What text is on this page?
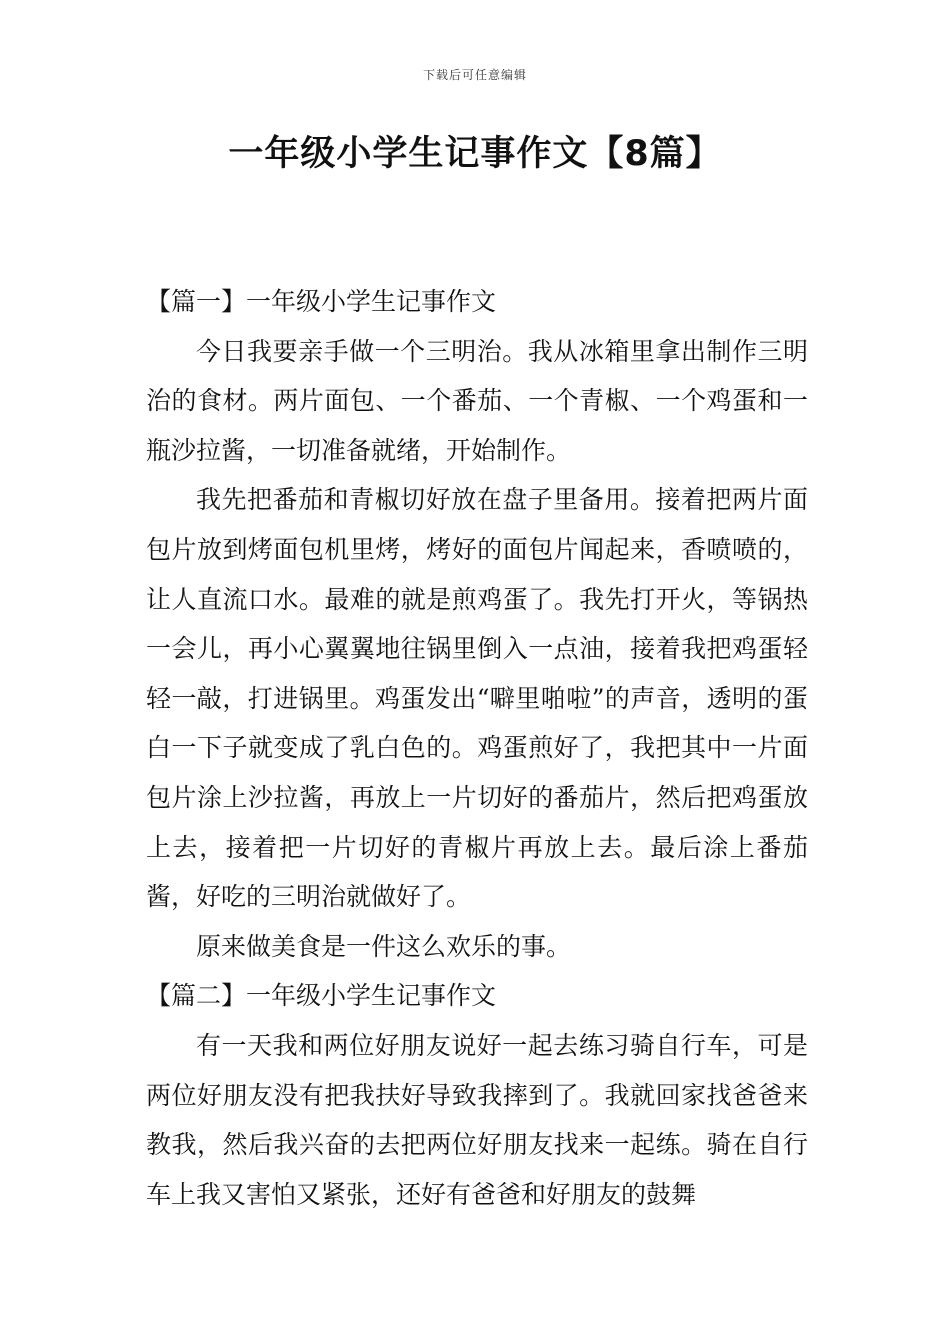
下载后可任意编辑
一年级小学生记事作文【8篇】

【篇一】一年级小学生记事作文

今日我要亲手做一个三明治。我从冰箱里拿出制作三明治的食材。两片面包、一个番茄、一个青椒、一个鸡蛋和一瓶沙拉酱，一切准备就绪，开始制作。

我先把番茄和青椒切好放在盘子里备用。接着把两片面包片放到烤面包机里烤，烤好的面包片闻起来，香喷喷的，让人直流口水。最难的就是煎鸡蛋了。我先打开火，等锅热一会儿，再小心翼翼地往锅里倒入一点油，接着我把鸡蛋轻轻一敲，打进锅里。鸡蛋发出“噼里啪啦”的声音，透明的蛋白一下子就变成了乳白色的。鸡蛋煎好了，我把其中一片面包片涂上沙拉酱，再放上一片切好的番茄片，然后把鸡蛋放上去，接着把一片切好的青椒片再放上去。最后涂上番茄酱，好吃的三明治就做好了。

原来做美食是一件这么欢乐的事。

【篇二】一年级小学生记事作文

有一天我和两位好朋友说好一起去练习骑自行车，可是两位好朋友没有把我扶好导致我摔到了。我就回家找爸爸来教我，然后我兴奋的去把两位好朋友找来一起练。骑在自行车上我又害怕又紧张，还好有爸爸和好朋友的鼓舞
